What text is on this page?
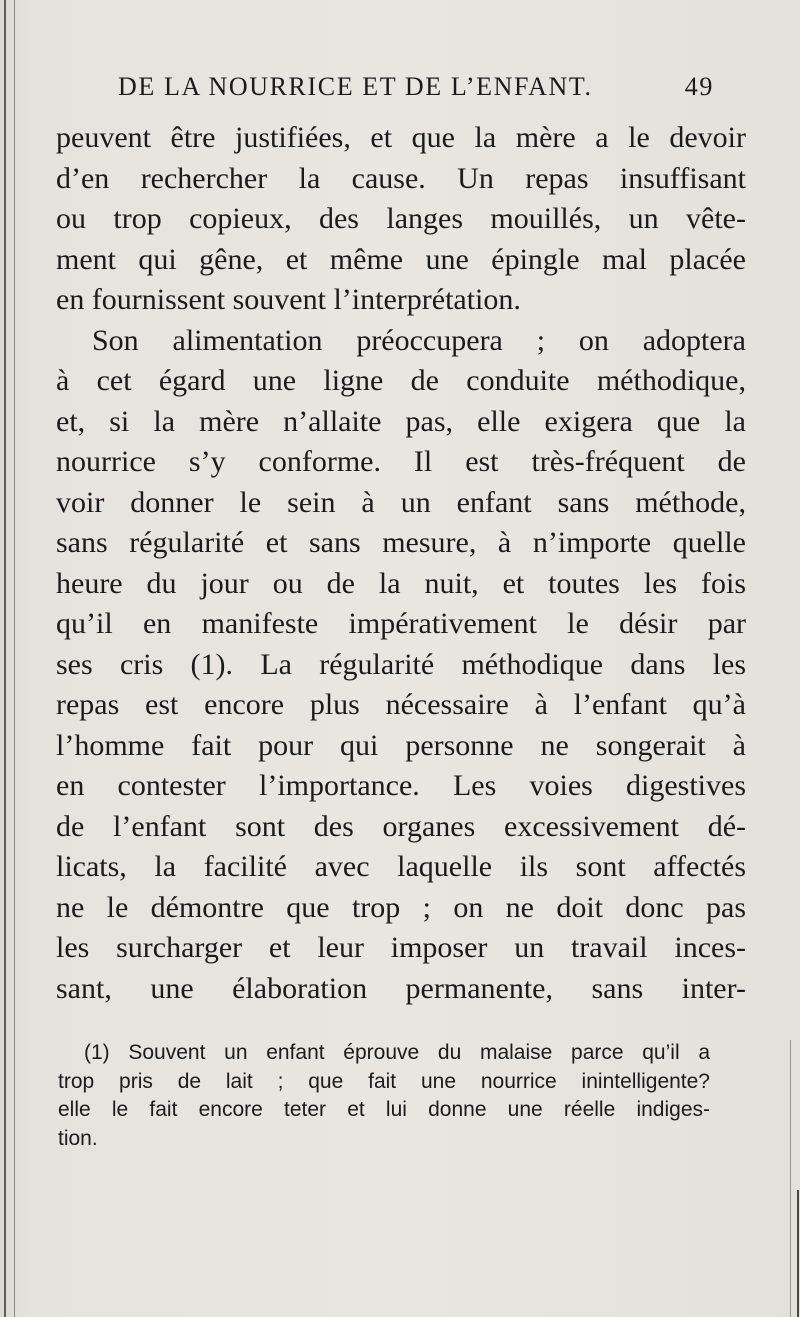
DE LA NOURRICE ET DE L’ENFANT.	49
peuvent être justifiées, et que la mère a le devoir
d’en rechercher la cause. Un repas insuffisant
ou trop copieux, des langes mouillés, un vête-
ment qui gêne, et même une épingle mal placée
en fournissent souvent l’interprétation.
Son alimentation préoccupera ; on adoptera
à cet égard une ligne de conduite méthodique,
et, si la mère n’allaite pas, elle exigera que la
nourrice s’y conforme. Il est très-fréquent de
voir donner le sein à un enfant sans méthode,
sans régularité et sans mesure, à n’importe quelle
heure du jour ou de la nuit, et toutes les fois
qu’il en manifeste impérativement le désir par
ses cris (1). La régularité méthodique dans les
repas est encore plus nécessaire à l’enfant qu’à
l’homme fait pour qui personne ne songerait à
en contester l’importance. Les voies digestives
de l’enfant sont des organes excessivement dé-
licats, la facilité avec laquelle ils sont affectés
ne le démontre que trop ; on ne doit donc pas
les surcharger et leur imposer un travail inces-
sant, une élaboration permanente, sans inter-
(1) Souvent un enfant éprouve du malaise parce qu’il a
trop pris de lait ; que fait une nourrice inintelligente?
elle le fait encore teter et lui donne une réelle indiges-
tion.
